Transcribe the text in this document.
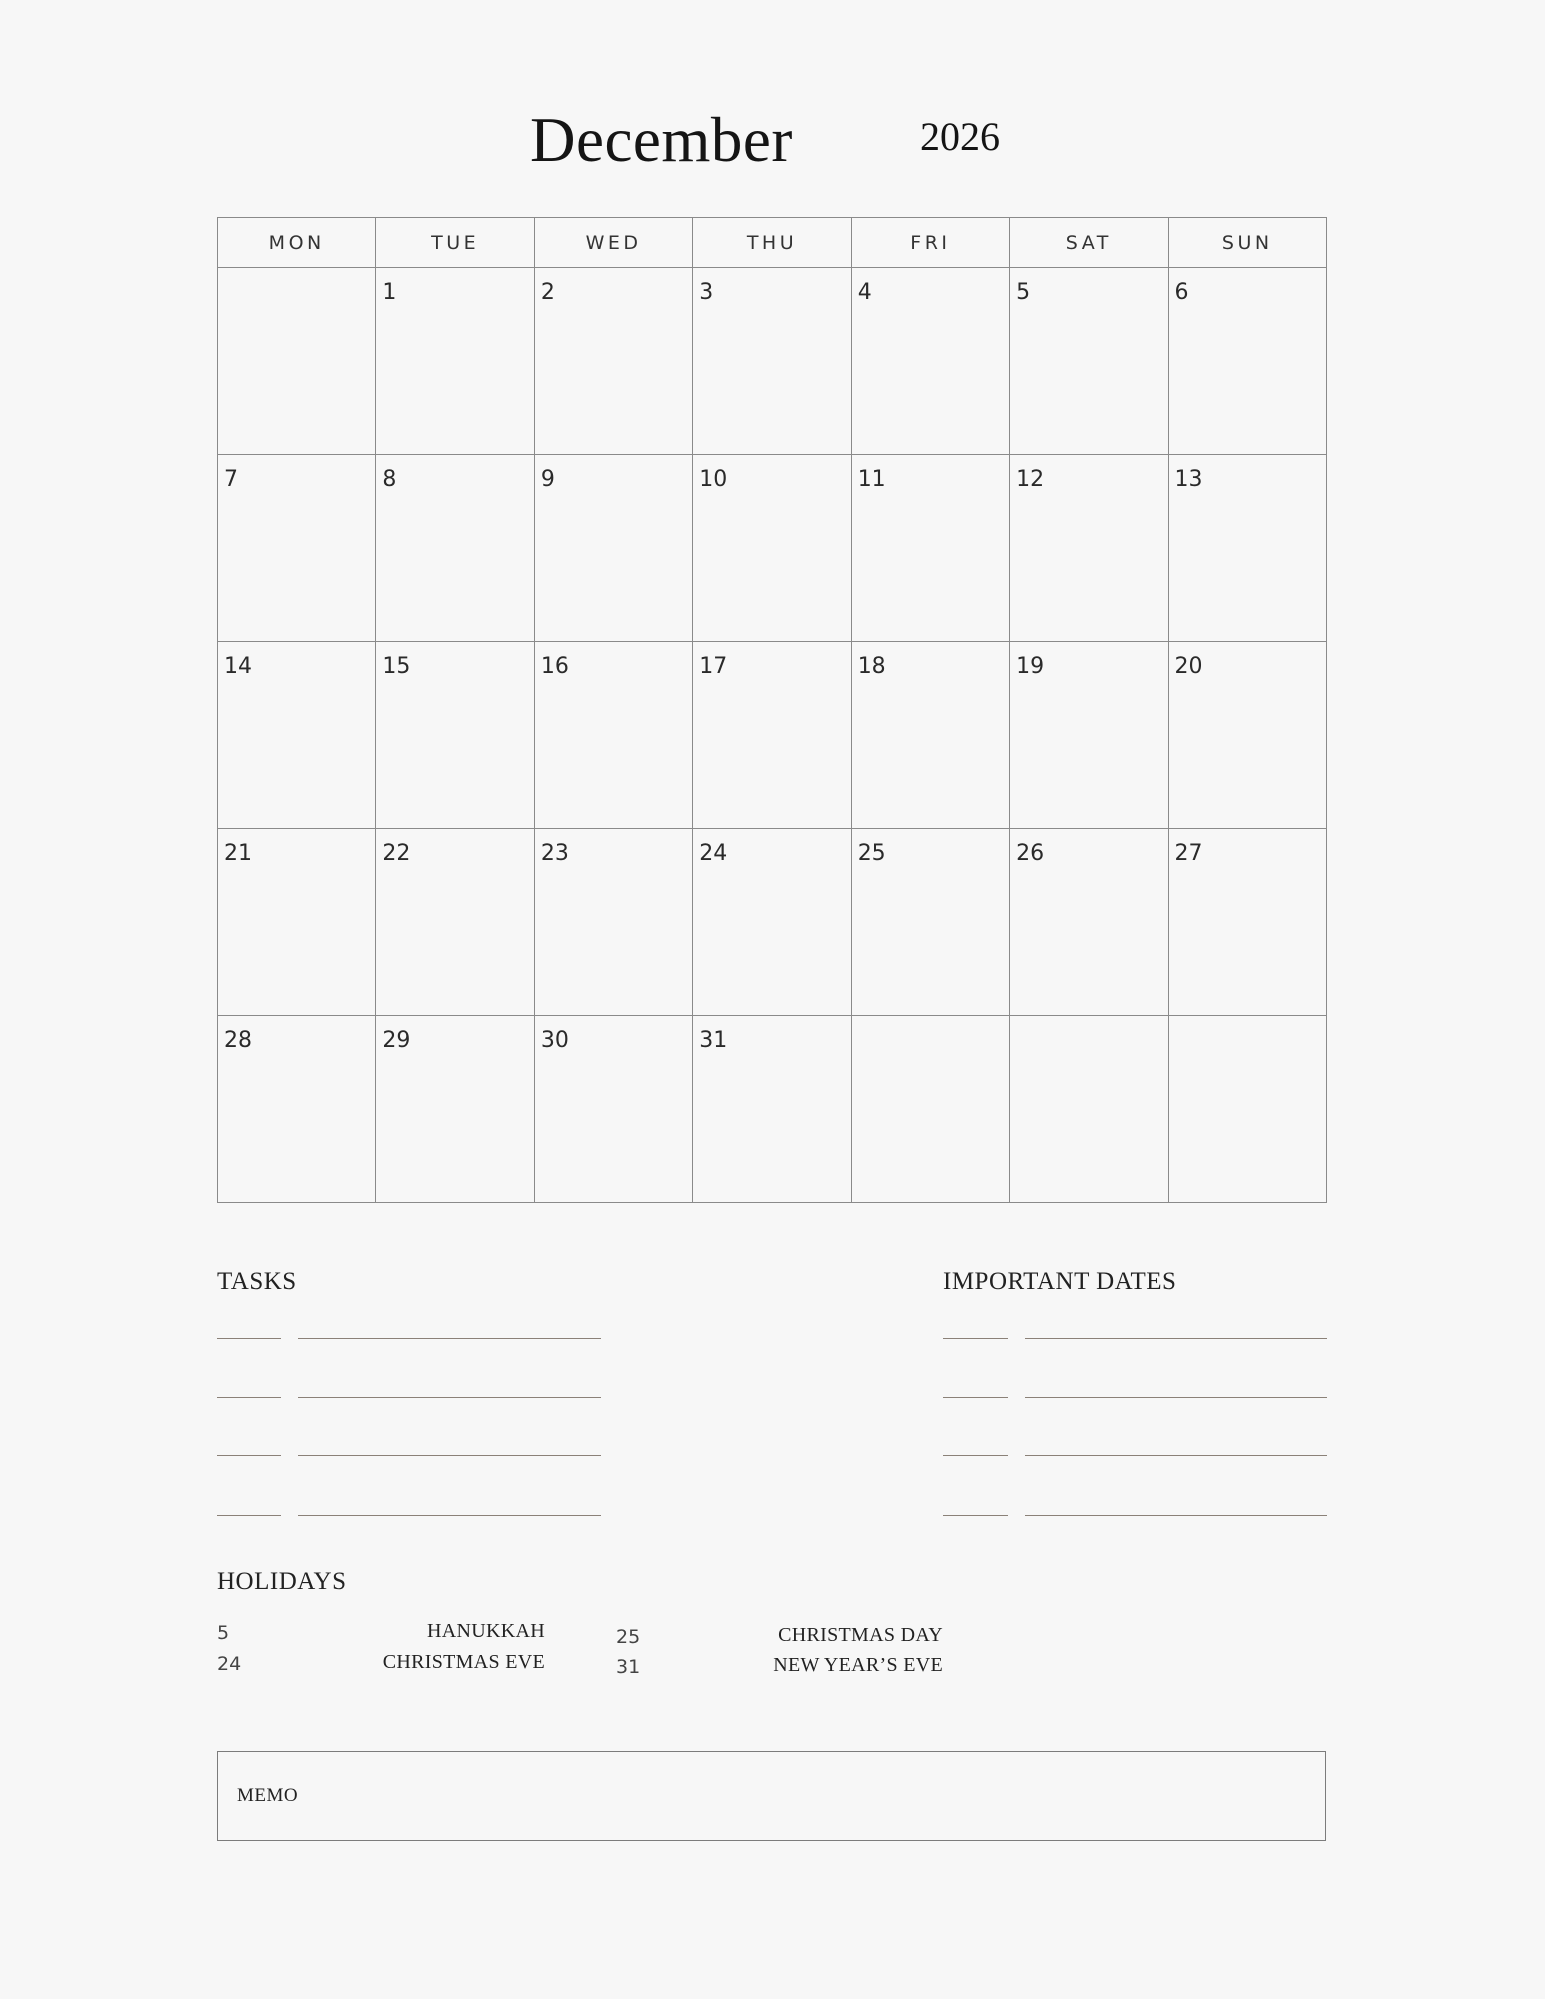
December	2026
MON	TUE	WED	THU	FRI	SAT	SUN

	1	2	3	4	5	6

7	8	9	10	11	12	13

14	15	16	17	18	19	20

21	22	23	24	25	26	27

28	29	30	31			

TASKS	IMPORTANT DATES
HOLIDAYS
5	HANUKKAH
24	CHRISTMAS EVE
25	CHRISTMAS DAY
31	NEW YEAR’S EVE
MEMO
